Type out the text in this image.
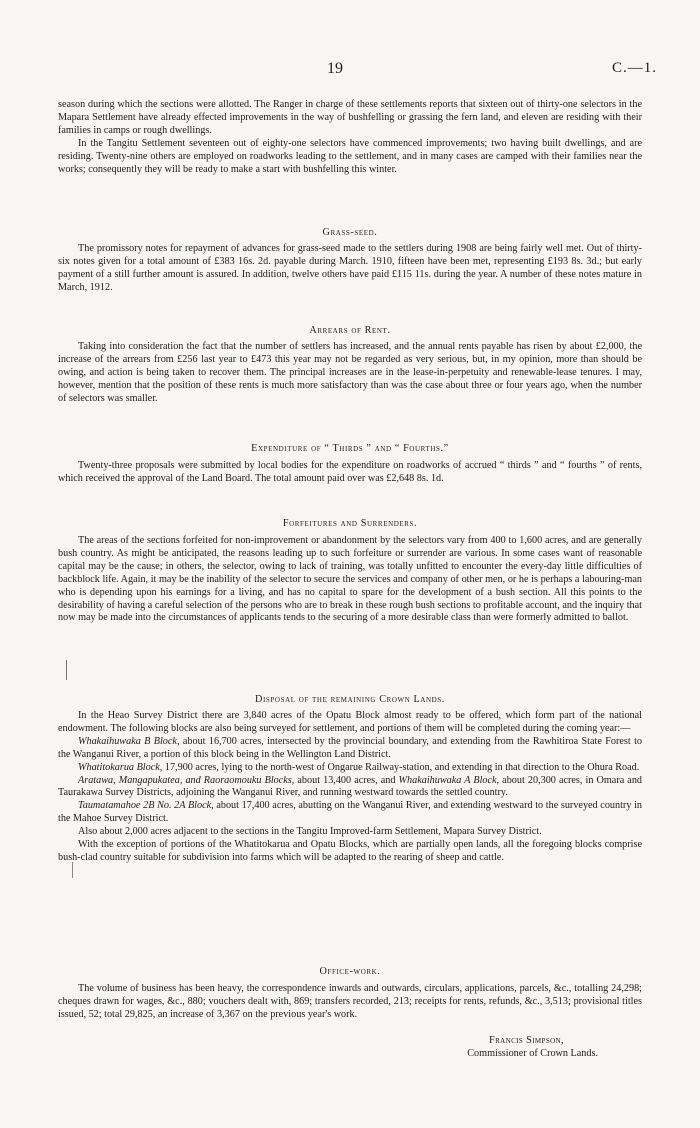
19	C.—1.

season during which the sections were allotted. The Ranger in charge of these settlements reports that sixteen out of thirty-one selectors in the Mapara Settlement have already effected improvements in the way of bushfelling or grassing the fern land, and eleven are residing with their families in camps or rough dwellings.

In the Tangitu Settlement seventeen out of eighty-one selectors have commenced improvements; two having built dwellings, and are residing. Twenty-nine others are employed on roadworks leading to the settlement, and in many cases are camped with their families near the works; consequently they will be ready to make a start with bushfelling this winter.

Grass-seed.

The promissory notes for repayment of advances for grass-seed made to the settlers during 1908 are being fairly well met. Out of thirty-six notes given for a total amount of £383 16s. 2d. payable during March. 1910, fifteen have been met, representing £193 8s. 3d.; but early payment of a still further amount is assured. In addition, twelve others have paid £115 11s. during the year. A number of these notes mature in March, 1912.

Arrears of Rent.

Taking into consideration the fact that the number of settlers has increased, and the annual rents payable has risen by about £2,000, the increase of the arrears from £256 last year to £473 this year may not be regarded as very serious, but, in my opinion, more than should be owing, and action is being taken to recover them. The principal increases are in the lease-in-perpetuity and renewable-lease tenures. I may, however, mention that the position of these rents is much more satisfactory than was the case about three or four years ago, when the number of selectors was smaller.

Expenditure of “ Thirds ” and “ Fourths.”

Twenty-three proposals were submitted by local bodies for the expenditure on roadworks of accrued “ thirds ” and “ fourths ” of rents, which received the approval of the Land Board. The total amount paid over was £2,648 8s. 1d.

Forfeitures and Surrenders.

The areas of the sections forfeited for non-improvement or abandonment by the selectors vary from 400 to 1,600 acres, and are generally bush country. As might be anticipated, the reasons leading up to such forfeiture or surrender are various. In some cases want of reasonable capital may be the cause; in others, the selector, owing to lack of training, was totally unfitted to encounter the every-day little difficulties of backblock life. Again, it may be the inability of the selector to secure the services and company of other men, or he is perhaps a labouring-man who is depending upon his earnings for a living, and has no capital to spare for the development of a bush section. All this points to the desirability of having a careful selection of the persons who are to break in these rough bush sections to profitable account, and the inquiry that now may be made into the circumstances of applicants tends to the securing of a more desirable class than were formerly admitted to ballot.

Disposal of the remaining Crown Lands.

In the Heao Survey District there are 3,840 acres of the Opatu Block almost ready to be offered, which form part of the national endowment. The following blocks are also being surveyed for settlement, and portions of them will be completed during the coming year:—

Whakaihuwaka B Block, about 16,700 acres, intersected by the provincial boundary, and extending from the Rawhitiroa State Forest to the Wanganui River, a portion of this block being in the Wellington Land District.

Whatitokarua Block, 17,900 acres, lying to the north-west of Ongarue Railway-station, and extending in that direction to the Ohura Road.

Aratawa, Mangapukatea, and Raoraomouku Blocks, about 13,400 acres, and Whakaihuwaka A Block, about 20,300 acres, in Omara and Taurakawa Survey Districts, adjoining the Wanganui River, and running westward towards the settled country.

Taumatamahoe 2B No. 2A Block, about 17,400 acres, abutting on the Wanganui River, and extending westward to the surveyed country in the Mahoe Survey District.

Also about 2,000 acres adjacent to the sections in the Tangitu Improved-farm Settlement, Mapara Survey District.

With the exception of portions of the Whatitokarua and Opatu Blocks, which are partially open lands, all the foregoing blocks comprise bush-clad country suitable for subdivision into farms which will be adapted to the rearing of sheep and cattle.

Office-work.

The volume of business has been heavy, the correspondence inwards and outwards, circulars, applications, parcels, &c., totalling 24,298; cheques drawn for wages, &c., 880; vouchers dealt with, 869; transfers recorded, 213; receipts for rents, refunds, &c., 3,513; provisional titles issued, 52; total 29,825, an increase of 3,367 on the previous year's work.

Francis Simpson,
Commissioner of Crown Lands.
